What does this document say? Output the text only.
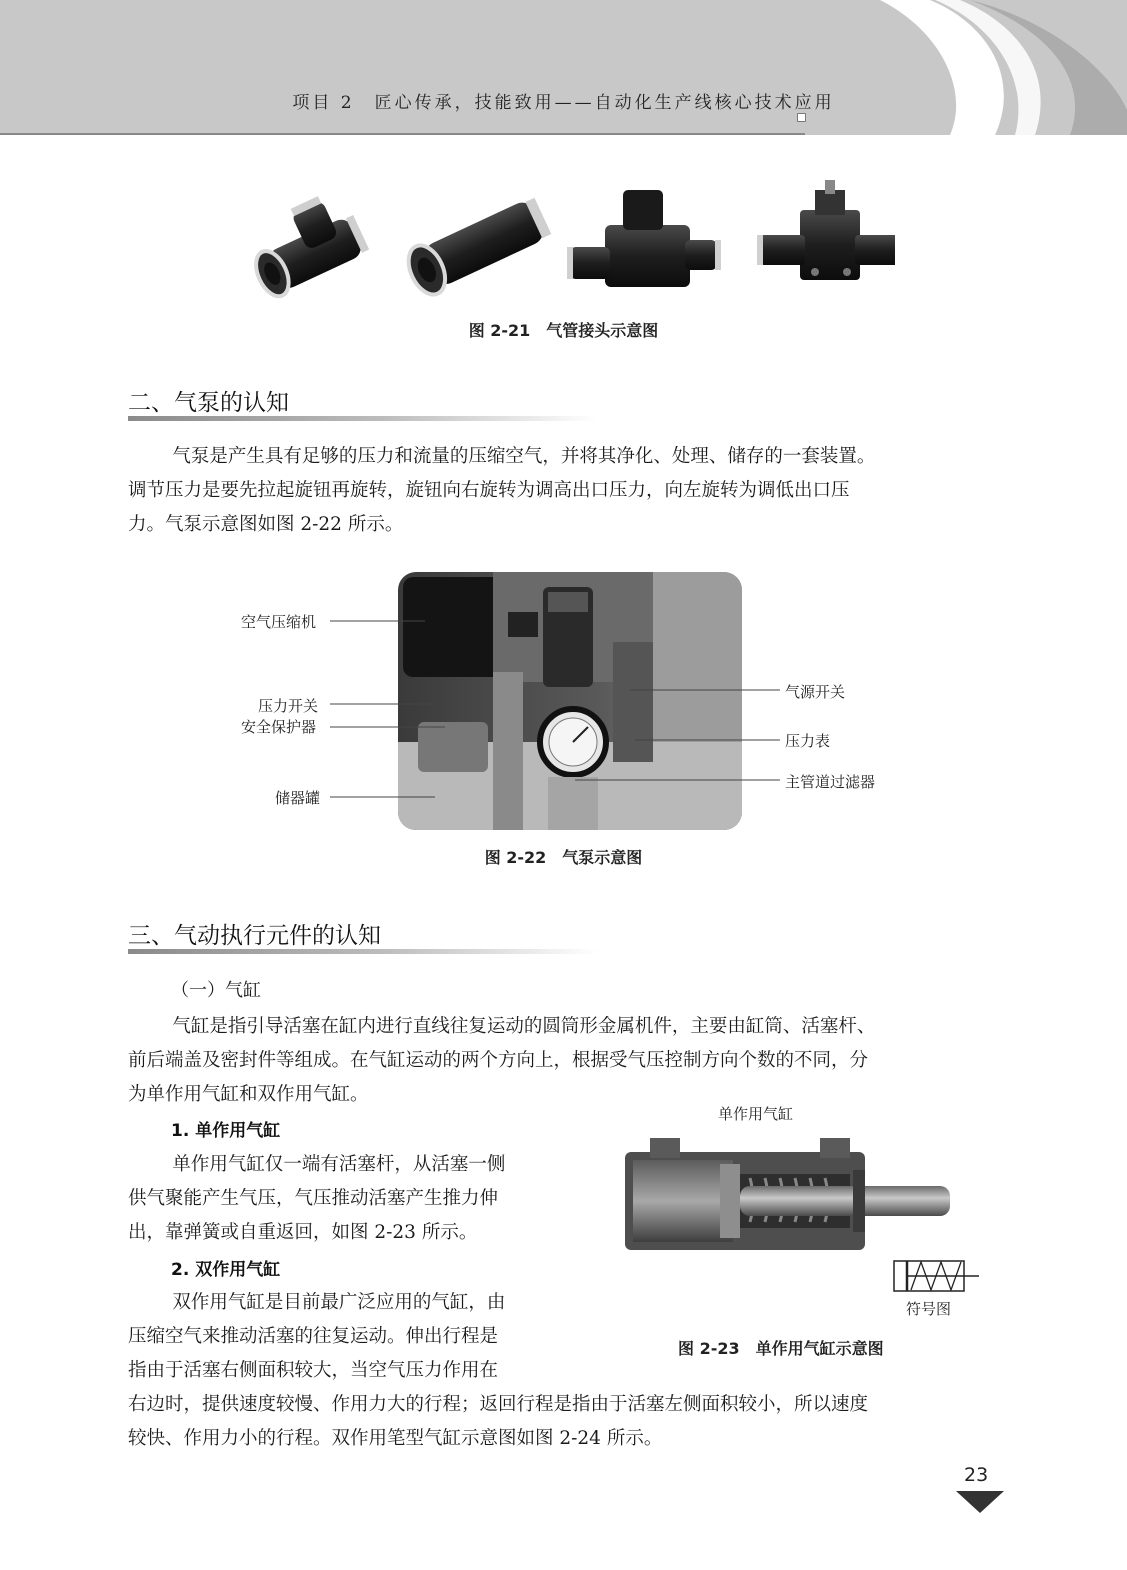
项目 2　匠心传承，技能致用——自动化生产线核心技术应用
图 2-21　气管接头示意图
二、气泵的认知
气泵是产生具有足够的压力和流量的压缩空气，并将其净化、处理、储存的一套装置。
调节压力是要先拉起旋钮再旋转，旋钮向右旋转为调高出口压力，向左旋转为调低出口压
力。气泵示意图如图 2-22 所示。
空气压缩机
压力开关
安全保护器
储器罐
气源开关
压力表
主管道过滤器
图 2-22　气泵示意图
三、气动执行元件的认知
（一）气缸
气缸是指引导活塞在缸内进行直线往复运动的圆筒形金属机件，主要由缸筒、活塞杆、
前后端盖及密封件等组成。在气缸运动的两个方向上，根据受气压控制方向个数的不同，分
为单作用气缸和双作用气缸。
1. 单作用气缸
单作用气缸仅一端有活塞杆，从活塞一侧
供气聚能产生气压，气压推动活塞产生推力伸
出，靠弹簧或自重返回，如图 2-23 所示。
2. 双作用气缸
双作用气缸是目前最广泛应用的气缸，由
压缩空气来推动活塞的往复运动。伸出行程是
指由于活塞右侧面积较大，当空气压力作用在
右边时，提供速度较慢、作用力大的行程；返回行程是指由于活塞左侧面积较小，所以速度
较快、作用力小的行程。双作用笔型气缸示意图如图 2-24 所示。
单作用气缸
符号图
图 2-23　单作用气缸示意图
23
